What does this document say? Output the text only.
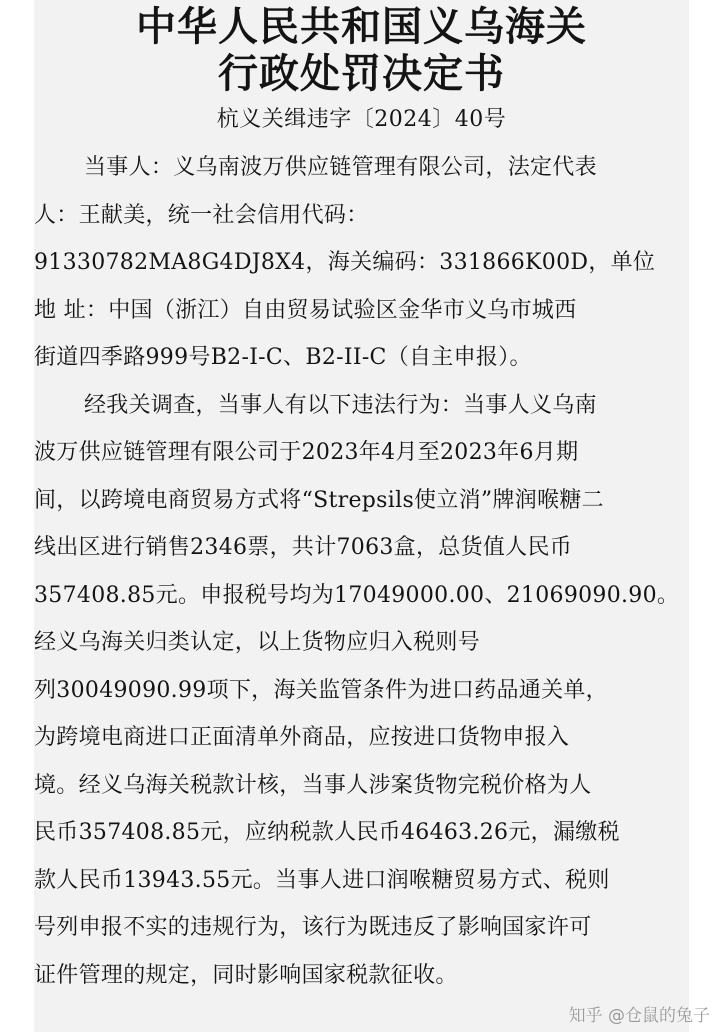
中华人民共和国义乌海关
行政处罚决定书
杭义关缉违字〔2024〕40号
当事人：义乌南波万供应链管理有限公司，法定代表
人：王献美，统一社会信用代码：
91330782MA8G4DJ8X4，海关编码：331866K00D，单位
地 址：中国（浙江）自由贸易试验区金华市义乌市城西
街道四季路999号B2-I-C、B2-II-C（自主申报）。
经我关调查，当事人有以下违法行为：当事人义乌南
波万供应链管理有限公司于2023年4月至2023年6月期
间，以跨境电商贸易方式将“Strepsils使立消”牌润喉糖二
线出区进行销售2346票，共计7063盒，总货值人民币
357408.85元。申报税号均为17049000.00、21069090.90。
经义乌海关归类认定，以上货物应归入税则号
列30049090.99项下，海关监管条件为进口药品通关单，
为跨境电商进口正面清单外商品，应按进口货物申报入
境。经义乌海关税款计核，当事人涉案货物完税价格为人
民币357408.85元，应纳税款人民币46463.26元，漏缴税
款人民币13943.55元。当事人进口润喉糖贸易方式、税则
号列申报不实的违规行为，该行为既违反了影响国家许可
证件管理的规定，同时影响国家税款征收。
知乎 @仓鼠的兔子
